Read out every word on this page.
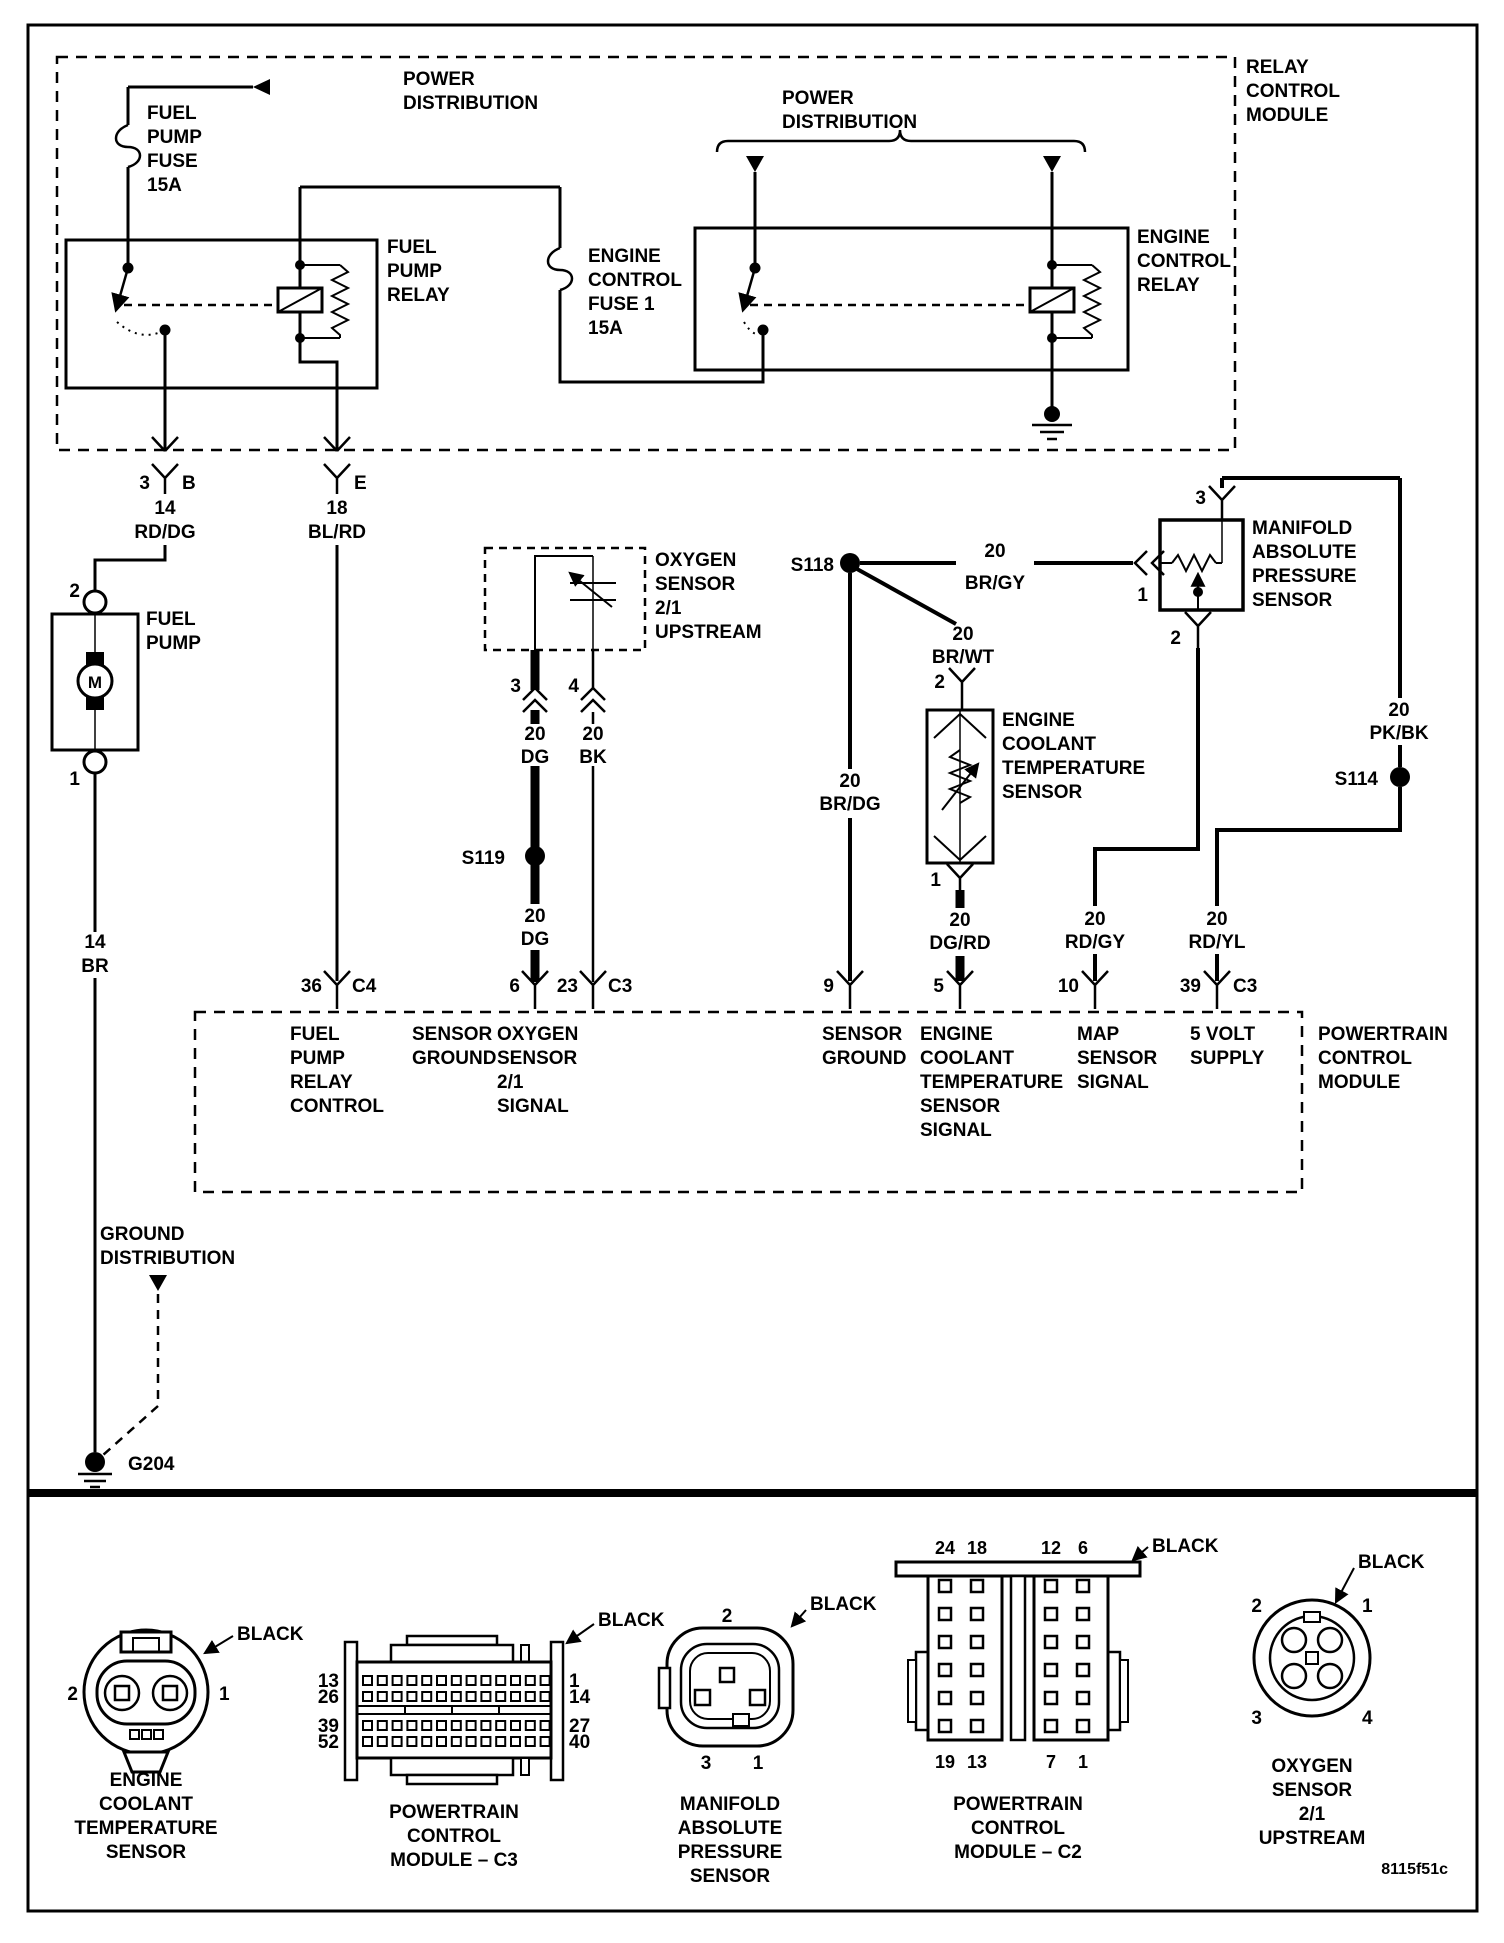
RELAY
CONTROL
MODULE
POWER
DISTRIBUTION
FUEL
PUMP
FUSE
15A
FUEL
PUMP
RELAY
ENGINE
CONTROL
FUSE 1
15A
POWER
DISTRIBUTION
ENGINE
CONTROL
RELAY
3 B
14
RD/DG
E
18
BL/RD
M
2
1
FUEL
PUMP
14
BR
GROUND
DISTRIBUTION
G204
OXYGEN
SENSOR
2/1
UPSTREAM
3 4
20
DG
20
BK
S119
20
DG
S118
20
BR/GY
20
BR/DG
20
BR/WT
2
ENGINE
COOLANT
TEMPERATURE
SENSOR
1
20
DG/RD
3
1
MANIFOLD
ABSOLUTE
PRESSURE
SENSOR
2
20
RD/GY
20
PK/BK
S114
20
RD/YL
36 C4	6 23 C3	9	5	10	39 C3
FUEL
PUMP
RELAY
CONTROL
SENSOR
GROUND
OXYGEN
SENSOR
2/1
SIGNAL
SENSOR
GROUND
ENGINE
COOLANT
TEMPERATURE
SENSOR
SIGNAL
MAP
SENSOR
SIGNAL
5 VOLT
SUPPLY
POWERTRAIN
CONTROL
MODULE
2	1
BLACK
ENGINE
COOLANT
TEMPERATURE
SENSOR
13
26
39
52
1
14
27
40
BLACK
POWERTRAIN
CONTROL
MODULE – C3
2
BLACK
3 1
MANIFOLD
ABSOLUTE
PRESSURE
SENSOR
24 18	12 6
19 13	7 1
BLACK
POWERTRAIN
CONTROL
MODULE – C2
2	1
3	4
BLACK
OXYGEN
SENSOR
2/1
UPSTREAM
8115f51c
